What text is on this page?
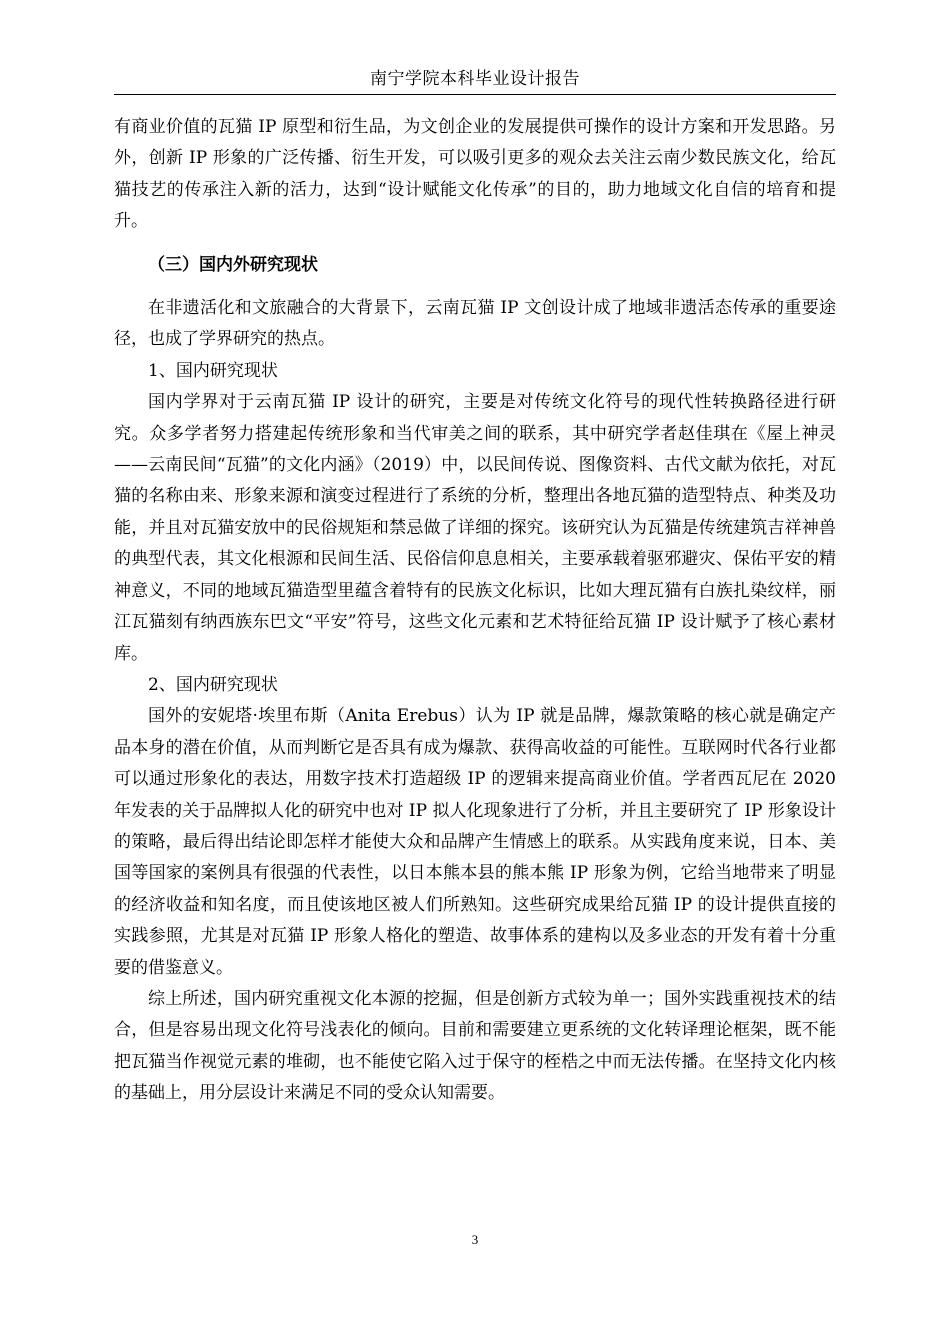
南宁学院本科毕业设计报告

有商业价值的瓦猫 IP 原型和衍生品，为文创企业的发展提供可操作的设计方案和开发思路。另外，创新 IP 形象的广泛传播、衍生开发，可以吸引更多的观众去关注云南少数民族文化，给瓦猫技艺的传承注入新的活力，达到“设计赋能文化传承”的目的，助力地域文化自信的培育和提升。

（三）国内外研究现状

在非遗活化和文旅融合的大背景下，云南瓦猫 IP 文创设计成了地域非遗活态传承的重要途径，也成了学界研究的热点。

1、国内研究现状

国内学界对于云南瓦猫 IP 设计的研究，主要是对传统文化符号的现代性转换路径进行研究。众多学者努力搭建起传统形象和当代审美之间的联系，其中研究学者赵佳琪在《屋上神灵——云南民间“瓦猫”的文化内涵》（2019）中，以民间传说、图像资料、古代文献为依托，对瓦猫的名称由来、形象来源和演变过程进行了系统的分析，整理出各地瓦猫的造型特点、种类及功能，并且对瓦猫安放中的民俗规矩和禁忌做了详细的探究。该研究认为瓦猫是传统建筑吉祥神兽的典型代表，其文化根源和民间生活、民俗信仰息息相关，主要承载着驱邪避灾、保佑平安的精神意义，不同的地域瓦猫造型里蕴含着特有的民族文化标识，比如大理瓦猫有白族扎染纹样，丽江瓦猫刻有纳西族东巴文“平安”符号，这些文化元素和艺术特征给瓦猫 IP 设计赋予了核心素材库。

2、国内研究现状

国外的安妮塔·埃里布斯（Anita Erebus）认为 IP 就是品牌，爆款策略的核心就是确定产品本身的潜在价值，从而判断它是否具有成为爆款、获得高收益的可能性。互联网时代各行业都可以通过形象化的表达，用数字技术打造超级 IP 的逻辑来提高商业价值。学者西瓦尼在 2020 年发表的关于品牌拟人化的研究中也对 IP 拟人化现象进行了分析，并且主要研究了 IP 形象设计的策略，最后得出结论即怎样才能使大众和品牌产生情感上的联系。从实践角度来说，日本、美国等国家的案例具有很强的代表性，以日本熊本县的熊本熊 IP 形象为例，它给当地带来了明显的经济收益和知名度，而且使该地区被人们所熟知。这些研究成果给瓦猫 IP 的设计提供直接的实践参照，尤其是对瓦猫 IP 形象人格化的塑造、故事体系的建构以及多业态的开发有着十分重要的借鉴意义。

综上所述，国内研究重视文化本源的挖掘，但是创新方式较为单一；国外实践重视技术的结合，但是容易出现文化符号浅表化的倾向。目前和需要建立更系统的文化转译理论框架，既不能把瓦猫当作视觉元素的堆砌，也不能使它陷入过于保守的桎梏之中而无法传播。在坚持文化内核的基础上，用分层设计来满足不同的受众认知需要。

3
